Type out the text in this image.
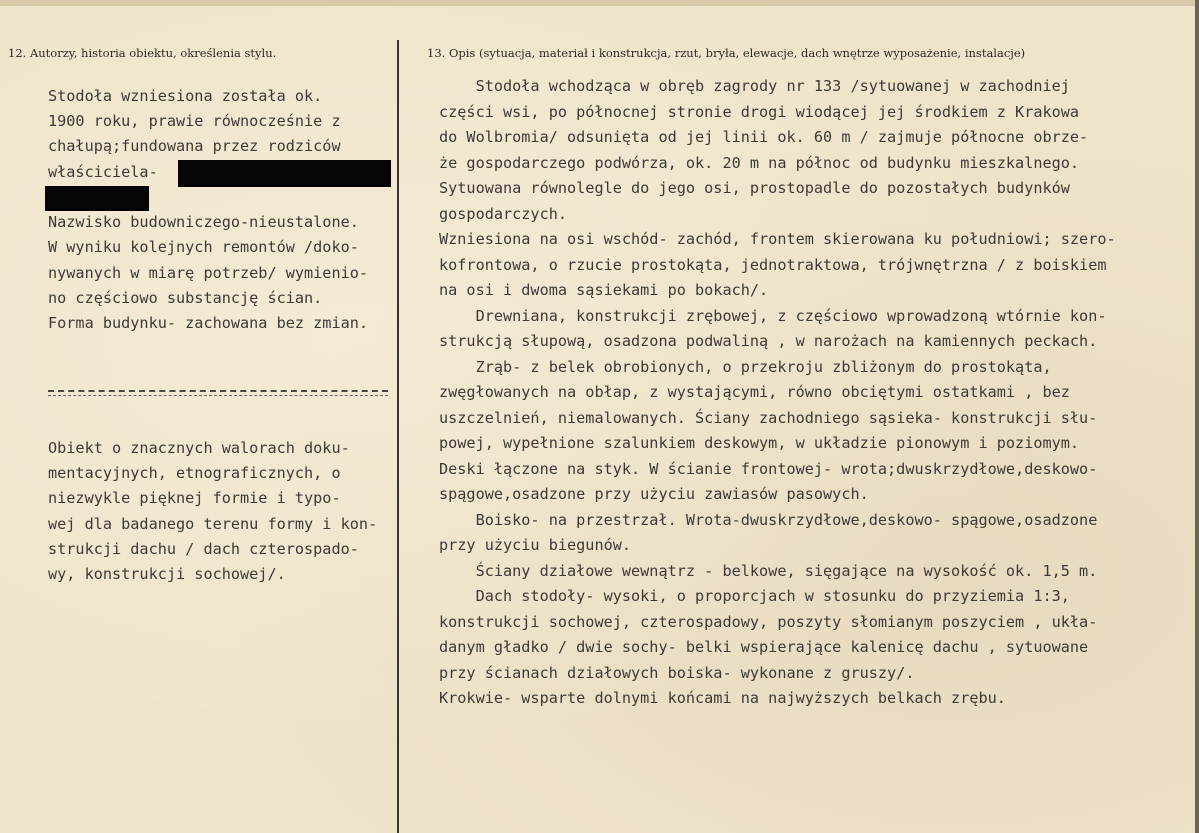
12. Autorzy, historia obiektu, określenia stylu.	13. Opis (sytuacja, materiał i konstrukcja, rzut, bryła, elewacje, dach wnętrze wyposażenie, instalacje)
Stodoła wzniesiona została ok.
1900 roku, prawie równocześnie z
chałupą;fundowana przez rodziców
właściciela-
Nazwisko budowniczego-nieustalone.
W wyniku kolejnych remontów /doko-
nywanych w miarę potrzeb/ wymienio-
no częściowo substancję ścian.
Forma budynku- zachowana bez zmian.
Obiekt o znacznych walorach doku-
mentacyjnych, etnograficznych, o
niezwykle pięknej formie i typo-
wej dla badanego terenu formy i kon-
strukcji dachu / dach czterospado-
wy, konstrukcji sochowej/.
Stodoła wchodząca w obręb zagrody nr 133 /sytuowanej w zachodniej
części wsi, po północnej stronie drogi wiodącej jej środkiem z Krakowa
do Wolbromia/ odsunięta od jej linii ok. 60 m / zajmuje północne obrze-
że gospodarczego podwórza, ok. 20 m na północ od budynku mieszkalnego.
Sytuowana równolegle do jego osi, prostopadle do pozostałych budynków
gospodarczych.
Wzniesiona na osi wschód- zachód, frontem skierowana ku południowi; szero-
kofrontowa, o rzucie prostokąta, jednotraktowa, trójwnętrzna / z boiskiem
na osi i dwoma sąsiekami po bokach/.
Drewniana, konstrukcji zrębowej, z częściowo wprowadzoną wtórnie kon-
strukcją słupową, osadzona podwaliną , w narożach na kamiennych peckach.
Zrąb- z belek obrobionych, o przekroju zbliżonym do prostokąta,
zwęgłowanych na obłap, z wystającymi, równo obciętymi ostatkami , bez
uszczelnień, niemalowanych. Ściany zachodniego sąsieka- konstrukcji słu-
powej, wypełnione szalunkiem deskowym, w układzie pionowym i poziomym.
Deski łączone na styk. W ścianie frontowej- wrota;dwuskrzydłowe,deskowo-
spągowe,osadzone przy użyciu zawiasów pasowych.
Boisko- na przestrzał. Wrota-dwuskrzydłowe,deskowo- spągowe,osadzone
przy użyciu biegunów.
Ściany działowe wewnątrz - belkowe, sięgające na wysokość ok. 1,5 m.
Dach stodoły- wysoki, o proporcjach w stosunku do przyziemia 1:3,
konstrukcji sochowej, czterospadowy, poszyty słomianym poszyciem , ukła-
danym gładko / dwie sochy- belki wspierające kalenicę dachu , sytuowane
przy ścianach działowych boiska- wykonane z gruszy/.
Krokwie- wsparte dolnymi końcami na najwyższych belkach zrębu.
